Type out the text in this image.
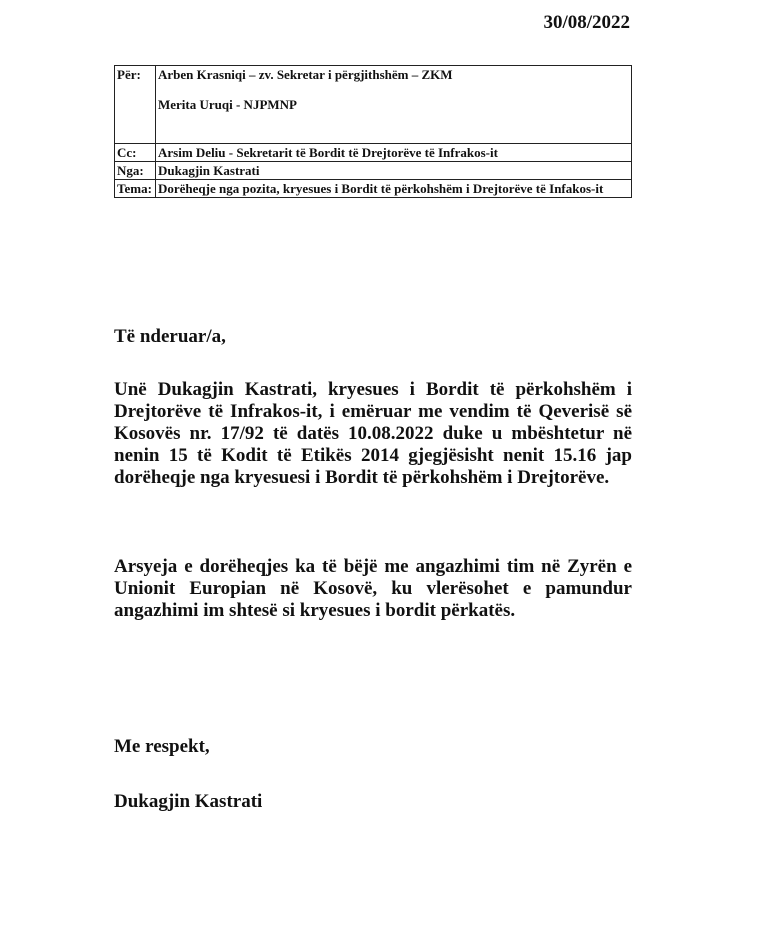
30/08/2022
Për:	Arben Krasniqi – zv. Sekretar i përgjithshëm – ZKM
Merita Uruqi - NJPMNP

Cc:	Arsim Deliu - Sekretarit të Bordit të Drejtorëve të Infrakos-it
Nga:	Dukagjin Kastrati
Tema:	Dorëheqje nga pozita, kryesues i Bordit të përkohshëm i Drejtorëve të Infakos-it

Të nderuar/a,

Unë Dukagjin Kastrati, kryesues i Bordit të përkohshëm i Drejtorëve të Infrakos-it, i emëruar me vendim të Qeverisë së Kosovës nr. 17/92 të datës 10.08.2022 duke u mbështetur në nenin 15 të Kodit të Etikës 2014 gjegjësisht nenit 15.16 jap dorëheqje nga kryesuesi i Bordit të përkohshëm i Drejtorëve.

Arsyeja e dorëheqjes ka të bëjë me angazhimi tim në Zyrën e Unionit Europian në Kosovë, ku vlerësohet e pamundur angazhimi im shtesë si kryesues i bordit përkatës.

Me respekt,

Dukagjin Kastrati
